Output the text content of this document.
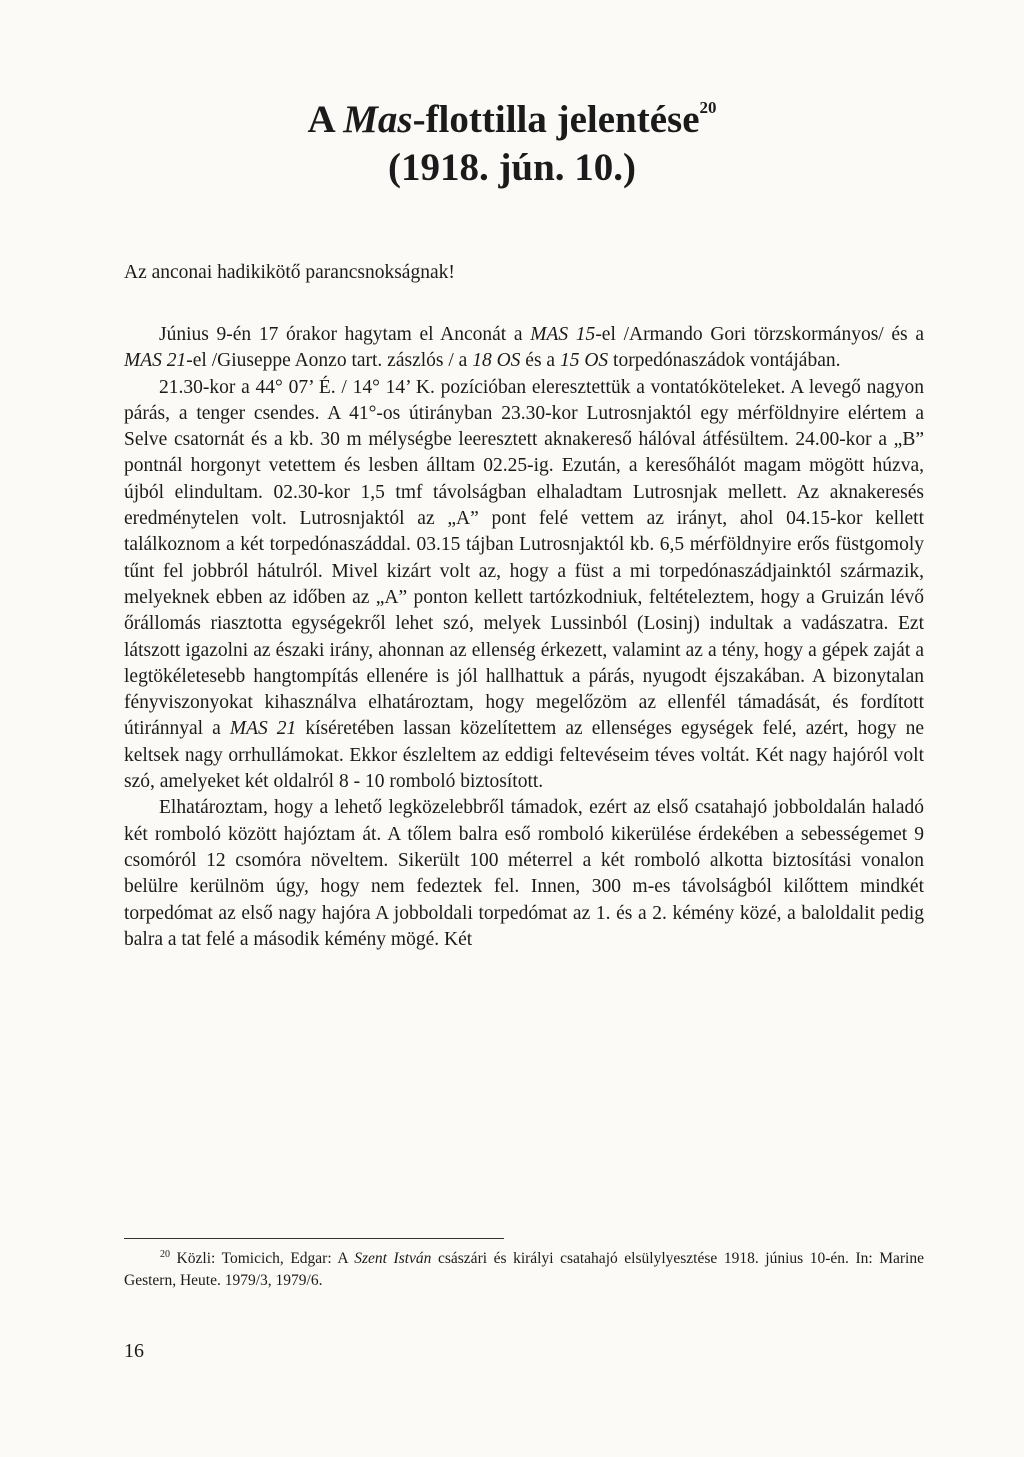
A Mas-flottilla jelentése$^{20}$
(1918. jún. 10.)
Az anconai hadikikötő parancsnokságnak!

Június 9-én 17 órakor hagytam el Anconát a MAS 15-el /Armando Gori törzskormányos/ és a MAS 21-el /Giuseppe Aonzo tart. zászlós / a 18 OS és a 15 OS torpedónaszádok vontájában.

21.30-kor a 44° 07’ É. / 14° 14’ K. pozícióban eleresztettük a vontatóköteleket. A levegő nagyon párás, a tenger csendes. A 41°-os útirányban 23.30-kor Lutrosnjaktól egy mérföldnyire elértem a Selve csatornát és a kb. 30 m mélységbe leeresztett aknakereső hálóval átfésültem. 24.00-kor a „B” pontnál horgonyt vetettem és lesben álltam 02.25-ig. Ezután, a keresőhálót magam mögött húzva, újból elindultam. 02.30-kor 1,5 tmf távolságban elhaladtam Lutrosnjak mellett. Az aknakeresés eredménytelen volt. Lutrosnjaktól az „A” pont felé vettem az irányt, ahol 04.15-kor kellett találkoznom a két torpedónaszáddal. 03.15 tájban Lutrosnjaktól kb. 6,5 mérföldnyire erős füstgomoly tűnt fel jobbról hátulról. Mivel kizárt volt az, hogy a füst a mi torpedónaszádjainktól származik, melyeknek ebben az időben az „A” ponton kellett tartózkodniuk, feltételeztem, hogy a Gruizán lévő őrállomás riasztotta egységekről lehet szó, melyek Lussinból (Losinj) indultak a vadászatra. Ezt látszott igazolni az északi irány, ahonnan az ellenség érkezett, valamint az a tény, hogy a gépek zaját a legtökéletesebb hangtompítás ellenére is jól hallhattuk a párás, nyugodt éjszakában. A bizonytalan fényviszonyokat kihasználva elhatároztam, hogy megelőzöm az ellenfél támadását, és fordított útiránnyal a MAS 21 kíséretében lassan közelítettem az ellenséges egységek felé, azért, hogy ne keltsek nagy orrhullámokat. Ekkor észleltem az eddigi feltevéseim téves voltát. Két nagy hajóról volt szó, amelyeket két oldalról 8 - 10 romboló biztosított.

Elhatároztam, hogy a lehető legközelebbről támadok, ezért az első csatahajó jobboldalán haladó két romboló között hajóztam át. A tőlem balra eső romboló kikerülése érdekében a sebességemet 9 csomóról 12 csomóra növeltem. Sikerült 100 méterrel a két romboló alkotta biztosítási vonalon belülre kerülnöm úgy, hogy nem fedeztek fel. Innen, 300 m-es távolságból kilőttem mindkét torpedómat az első nagy hajóra A jobboldali torpedómat az 1. és a 2. kémény közé, a baloldalit pedig balra a tat felé a második kémény mögé. Két

$^{20}$ Közli: Tomicich, Edgar: A Szent István császári és királyi csatahajó elsülylyesztése 1918. június 10-én. In: Marine Gestern, Heute. 1979/3, 1979/6.
16
